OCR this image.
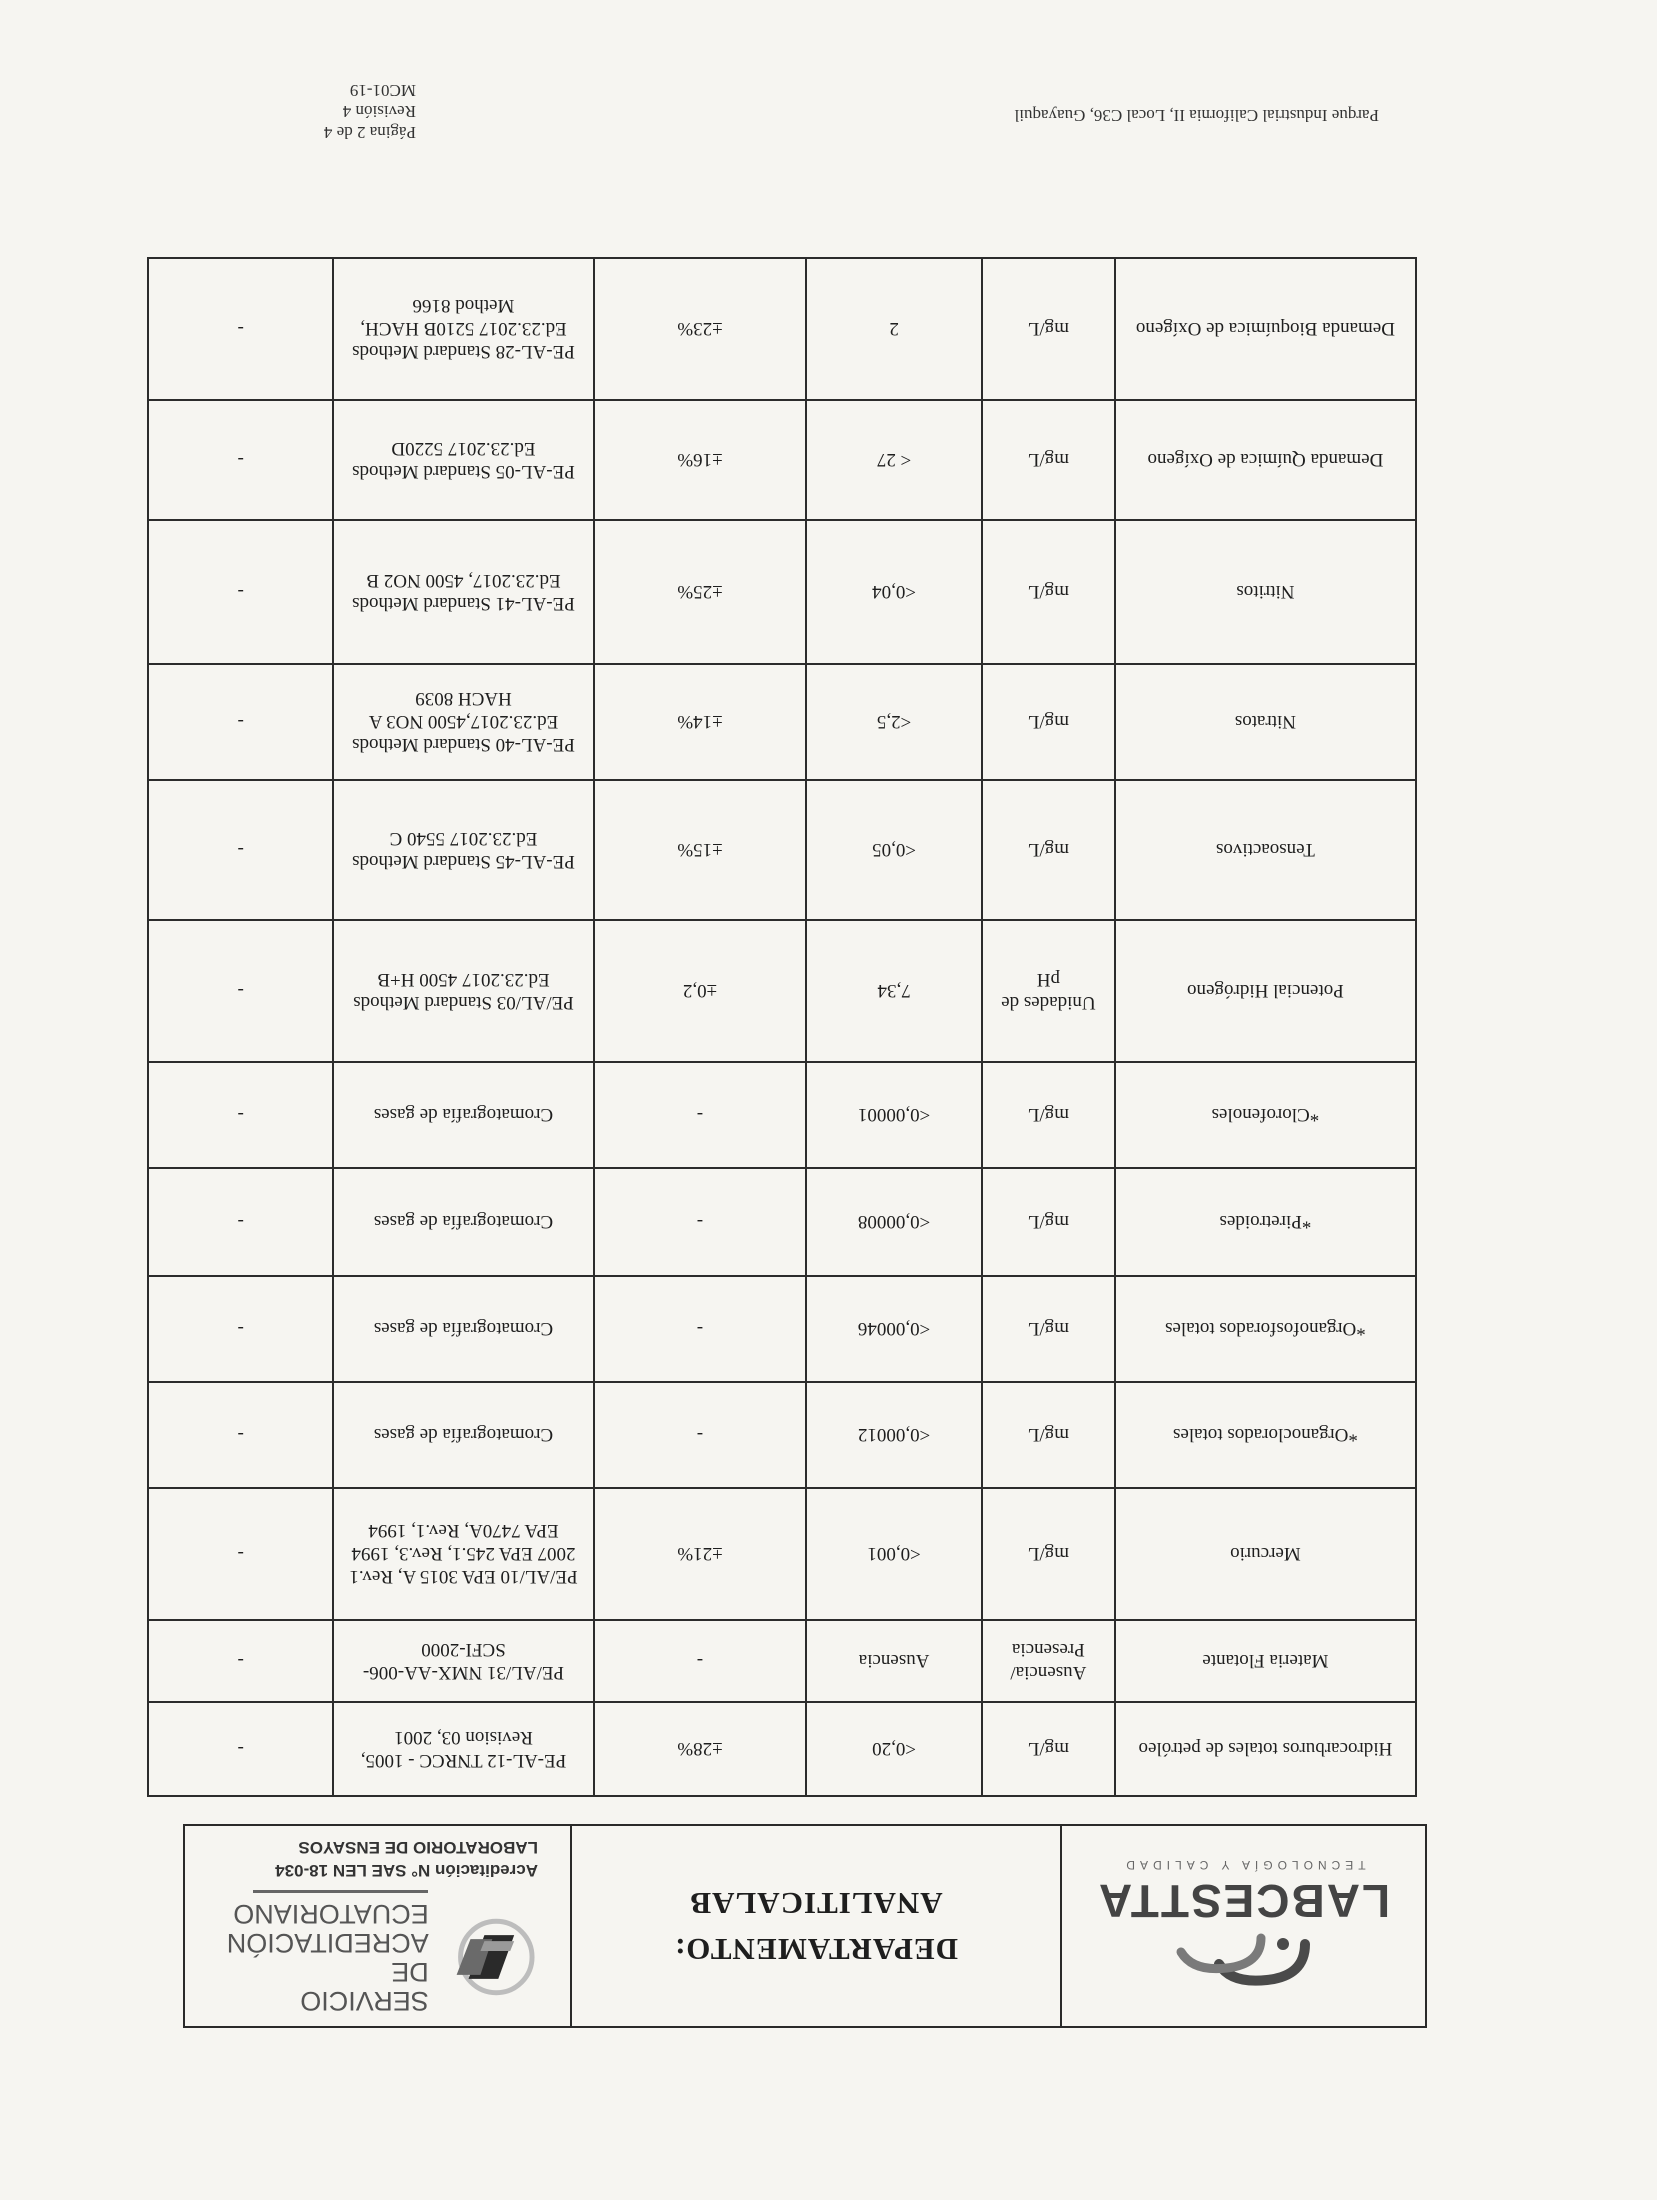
LABCESTTA
TECNOLOGÍA Y CALIDAD
DEPARTAMENTO:
ANALITICALAB
SERVICIO
DE ACREDITACIÓN
ECUATORIANO
Acreditación N° SAE LEN 18-034
LABORATORIO DE ENSAYOS
Hidrocarburos totales de petróleo	mg/L	<0,20	±28%	PE-AL-12 TNRCC - 1005, Revision 03, 2001	-
Materia Flotante	Ausencia/ Presencia	Ausencia	-	PE/AL/31 NMX-AA-006-SCFI-2000	-
Mercurio	mg/L	<0,001	±21%	PE/AL/10 EPA 3015 A, Rev.1 2007 EPA 245.1, Rev.3, 1994 EPA 7470A, Rev.1, 1994	-
*Organoclorados totales	mg/L	<0,00012	-	Cromatografía de gases	-
*Organofosforados totales	mg/L	<0,00046	-	Cromatografía de gases	-
*Piretroides	mg/L	<0,00008	-	Cromatografía de gases	-
*Clorofenoles	mg/L	<0,00001	-	Cromatografía de gases	-
Potencial Hidrógeno	Unidades de pH	7,34	±0,2	PE/AL/03 Standard Methods Ed.23.2017 4500 H+B	-
Tensoactivos	mg/L	<0,05	±15%	PE-AL-45 Standard Methods Ed.23.2017 5540 C	-
Nitratos	mg/L	<2,5	±14%	PE-AL-40 Standard Methods Ed.23.2017,4500 NO3 A HACH 8039	-
Nitritos	mg/L	<0,04	±25%	PE-AL-41 Standard Methods Ed.23.2017, 4500 NO2 B	-
Demanda Química de Oxígeno	mg/L	< 27	±16%	PE-AL-05 Standard Methods Ed.23.2017 5220D	-
Demanda Bioquímica de Oxígeno	mg/L	2	±23%	PE-AL-28 Standard Methods Ed.23.2017 5210B HACH, Method 8166	-
Parque Industrial California II, Local C36, Guayaquil
Página 2 de 4
Revisión 4
MC01-19
